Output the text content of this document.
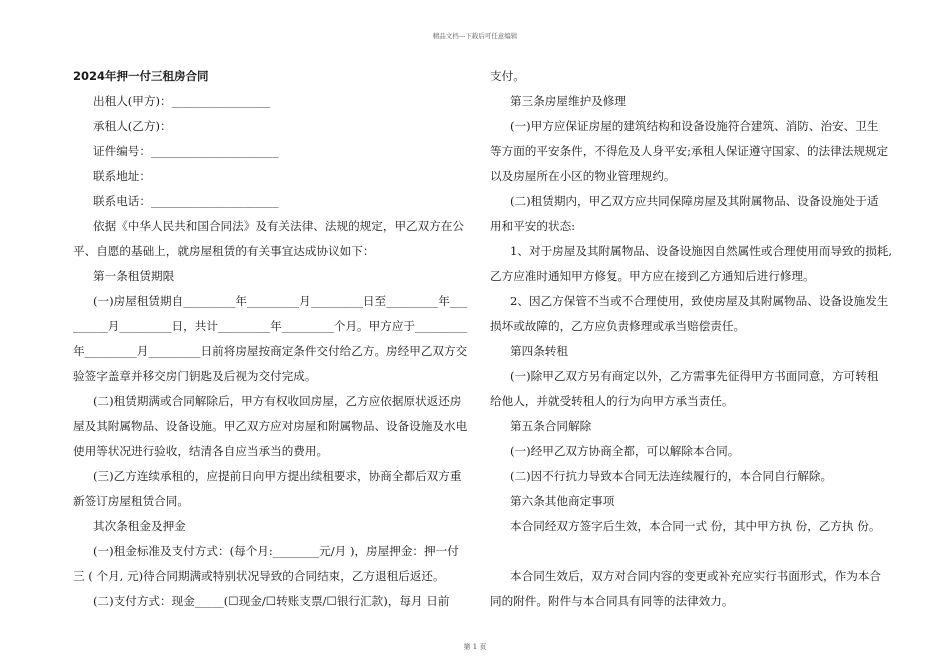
精品文档---下载后可任意编辑
2024年押一付三租房合同
出租人(甲方)：_________________
承租人(乙方)：
证件编号：______________________
联系地址：
联系电话：______________________
依据《中华人民共和国合同法》及有关法律、法规的规定，甲乙双方在公
平、自愿的基础上，就房屋租赁的有关事宜达成协议如下：
第一条租赁期限
(一)房屋租赁期自_________年_________月_________日至_________年___
______月_________日，共计_________年_________个月。甲方应于_________
年_________月_________日前将房屋按商定条件交付给乙方。房经甲乙双方交
验签字盖章并移交房门钥匙及后视为交付完成。
(二)租赁期满或合同解除后，甲方有权收回房屋，乙方应依据原状返还房
屋及其附属物品、设备设施。甲乙双方应对房屋和附属物品、设备设施及水电
使用等状况进行验收，结清各自应当承当的费用。
(三)乙方连续承租的，应提前日向甲方提出续租要求，协商全都后双方重
新签订房屋租赁合同。
其次条租金及押金
(一)租金标准及支付方式：(每个月:________元/月 )，房屋押金：押一付
三 ( 个月, 元)待合同期满或特别状况导致的合同结束，乙方退租后返还。
(二)支付方式：现金_____(☐现金/☐转账支票/☐银行汇款)，每月 日前
支付。
第三条房屋维护及修理
(一)甲方应保证房屋的建筑结构和设备设施符合建筑、消防、治安、卫生
等方面的平安条件，不得危及人身平安;承租人保证遵守国家、的法律法规规定
以及房屋所在小区的物业管理规约。
(二)租赁期内，甲乙双方应共同保障房屋及其附属物品、设备设施处于适
用和平安的状态:
1、对于房屋及其附属物品、设备设施因自然属性或合理使用而导致的损耗,
乙方应准时通知甲方修复。甲方应在接到乙方通知后进行修理。
2、因乙方保管不当或不合理使用，致使房屋及其附属物品、设备设施发生
损坏或故障的，乙方应负责修理或承当赔偿责任。
第四条转租
(一)除甲乙双方另有商定以外，乙方需事先征得甲方书面同意，方可转租
给他人，并就受转租人的行为向甲方承当责任。
第五条合同解除
(一)经甲乙双方协商全都，可以解除本合同。
(二)因不行抗力导致本合同无法连续履行的，本合同自行解除。
第六条其他商定事项
本合同经双方签字后生效，本合同一式 份，其中甲方执 份，乙方执 份。
本合同生效后，双方对合同内容的变更或补充应实行书面形式，作为本合
同的附件。附件与本合同具有同等的法律效力。
第 1 页
